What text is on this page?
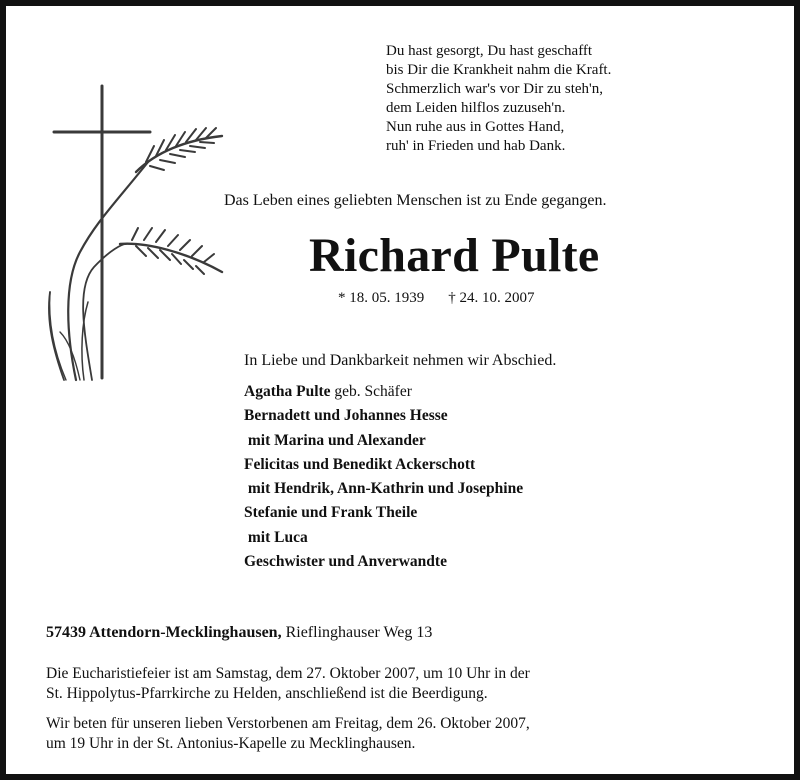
Du hast gesorgt, Du hast geschafft
bis Dir die Krankheit nahm die Kraft.
Schmerzlich war's vor Dir zu steh'n,
dem Leiden hilflos zuzuseh'n.
Nun ruhe aus in Gottes Hand,
ruh' in Frieden und hab Dank.
Das Leben eines geliebten Menschen ist zu Ende gegangen.
Richard Pulte
* 18. 05. 1939 † 24. 10. 2007
In Liebe und Dankbarkeit nehmen wir Abschied.
Agatha Pulte geb. Schäfer
Bernadett und Johannes Hesse
mit Marina und Alexander
Felicitas und Benedikt Ackerschott
mit Hendrik, Ann-Kathrin und Josephine
Stefanie und Frank Theile
mit Luca
Geschwister und Anverwandte
57439 Attendorn-Mecklinghausen, Rieflinghauser Weg 13
Die Eucharistiefeier ist am Samstag, dem 27. Oktober 2007, um 10 Uhr in der
St. Hippolytus-Pfarrkirche zu Helden, anschließend ist die Beerdigung.
Wir beten für unseren lieben Verstorbenen am Freitag, dem 26. Oktober 2007,
um 19 Uhr in der St. Antonius-Kapelle zu Mecklinghausen.
